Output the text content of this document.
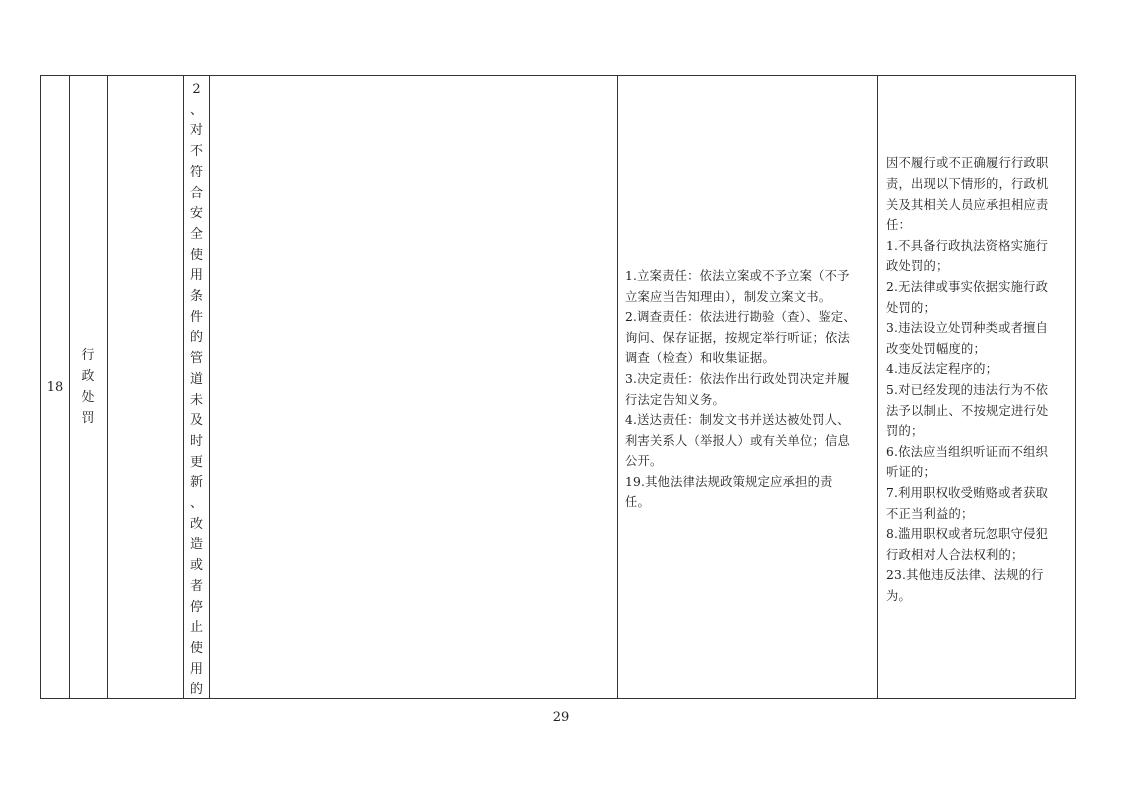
18
行
政
处
罚
2
、
对
不
符
合
安
全
使
用
条
件
的
管
道
未
及
时
更
新
、
改
造
或
者
停
止
使
用
的

1.立案责任：依法立案或不予立案（不予

立案应当告知理由），制发立案文书。

2.调查责任：依法进行勘验（查）、鉴定、

询问、保存证据，按规定举行听证；依法

调查（检查）和收集证据。

3.决定责任：依法作出行政处罚决定并履

行法定告知义务。

4.送达责任：制发文书并送达被处罚人、

利害关系人（举报人）或有关单位；信息

公开。

19.其他法律法规政策规定应承担的责

任。

因不履行或不正确履行行政职

责，出现以下情形的，行政机

关及其相关人员应承担相应责

任：

1.不具备行政执法资格实施行

政处罚的；

2.无法律或事实依据实施行政

处罚的；

3.违法设立处罚种类或者擅自

改变处罚幅度的；

4.违反法定程序的；

5.对已经发现的违法行为不依

法予以制止、不按规定进行处

罚的；

6.依法应当组织听证而不组织

听证的；

7.利用职权收受贿赂或者获取

不正当利益的；

8.滥用职权或者玩忽职守侵犯

行政相对人合法权利的；

23.其他违反法律、法规的行

为。

29
